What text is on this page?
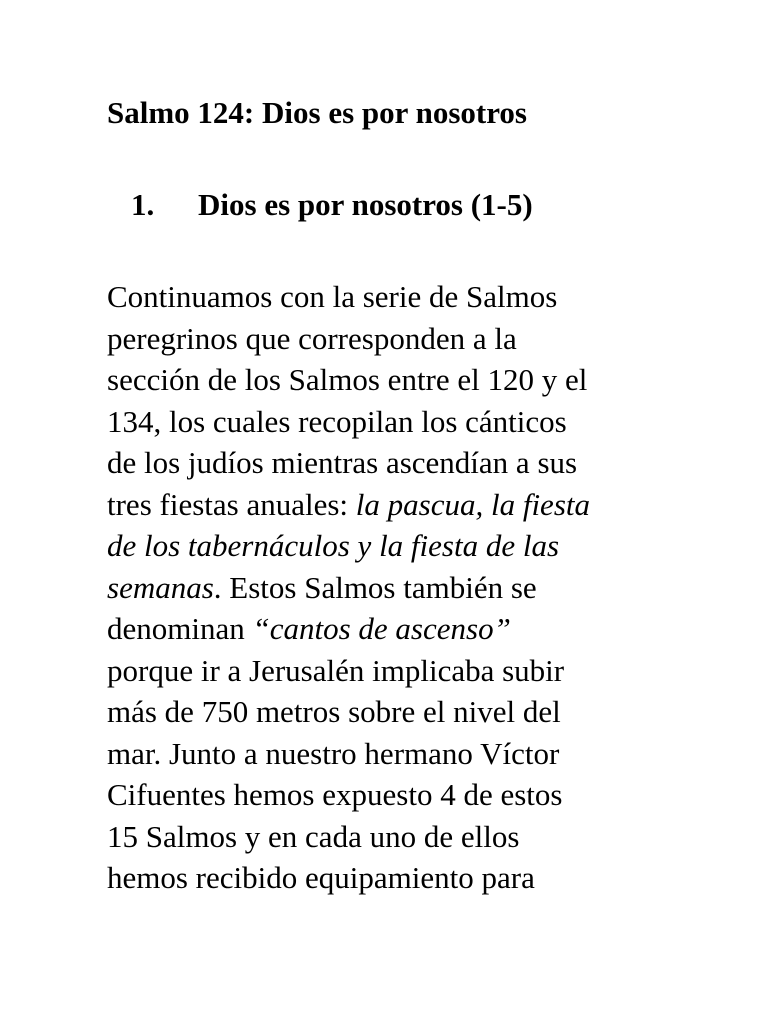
Salmo 124: Dios es por nosotros
1. Dios es por nosotros (1-5)

Continuamos con la serie de Salmos
peregrinos que corresponden a la
sección de los Salmos entre el 120 y el
134, los cuales recopilan los cánticos
de los judíos mientras ascendían a sus
tres fiestas anuales: la pascua, la fiesta
de los tabernáculos y la fiesta de las
semanas. Estos Salmos también se
denominan “cantos de ascenso”
porque ir a Jerusalén implicaba subir
más de 750 metros sobre el nivel del
mar. Junto a nuestro hermano Víctor
Cifuentes hemos expuesto 4 de estos
15 Salmos y en cada uno de ellos
hemos recibido equipamiento para
